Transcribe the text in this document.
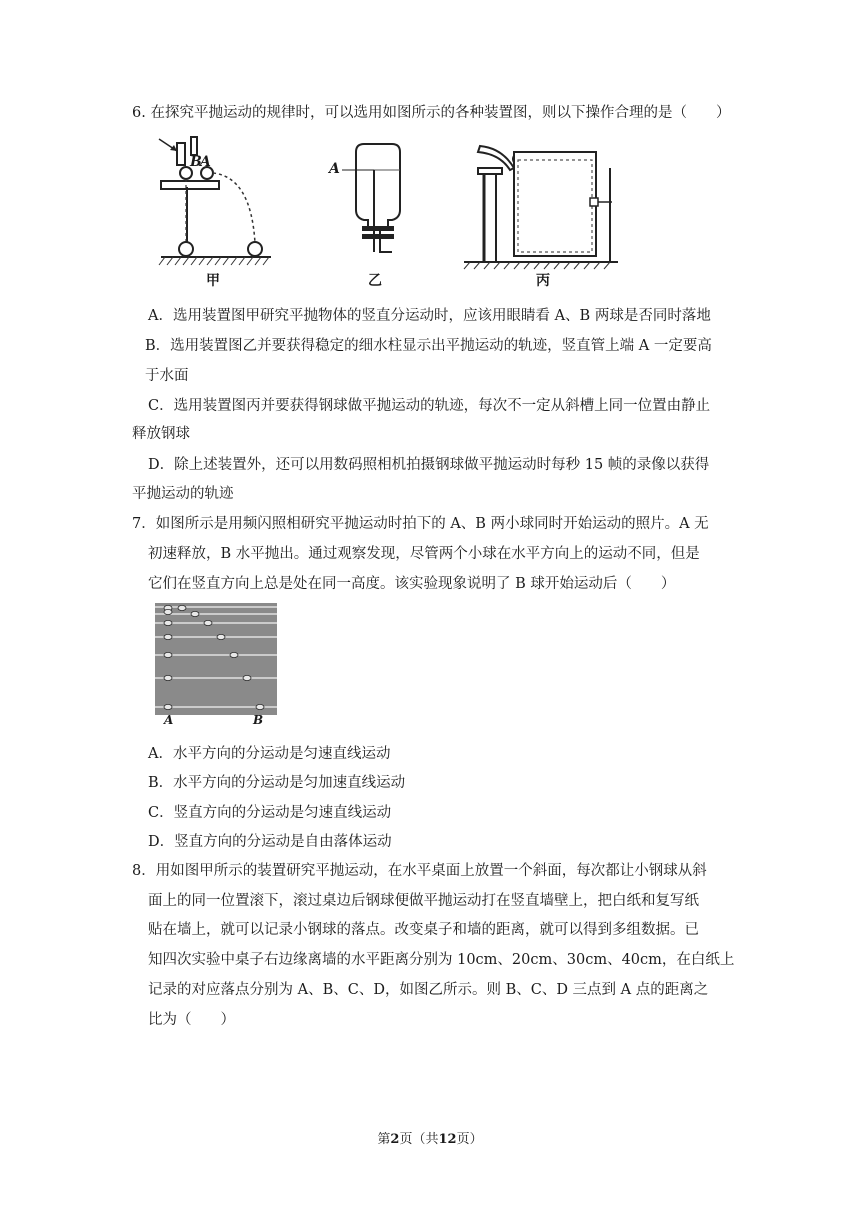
6. 在探究平抛运动的规律时，可以选用如图所示的各种装置图，则以下操作合理的是（　　）
B
A
甲
A
乙	丙
A．选用装置图甲研究平抛物体的竖直分运动时，应该用眼睛看 A、B 两球是否同时落地
B．选用装置图乙并要获得稳定的细水柱显示出平抛运动的轨迹，竖直管上端 A 一定要高
于水面
C．选用装置图丙并要获得钢球做平抛运动的轨迹，每次不一定从斜槽上同一位置由静止
释放钢球
D．除上述装置外，还可以用数码照相机拍摄钢球做平抛运动时每秒 15 帧的录像以获得
平抛运动的轨迹
7．如图所示是用频闪照相研究平抛运动时拍下的 A、B 两小球同时开始运动的照片。A 无
初速释放，B 水平抛出。通过观察发现，尽管两个小球在水平方向上的运动不同，但是
它们在竖直方向上总是处在同一高度。该实验现象说明了 B 球开始运动后（　　）
A	B
A．水平方向的分运动是匀速直线运动
B．水平方向的分运动是匀加速直线运动
C．竖直方向的分运动是匀速直线运动
D．竖直方向的分运动是自由落体运动
8．用如图甲所示的装置研究平抛运动，在水平桌面上放置一个斜面，每次都让小钢球从斜
面上的同一位置滚下，滚过桌边后钢球便做平抛运动打在竖直墙壁上，把白纸和复写纸
贴在墙上，就可以记录小钢球的落点。改变桌子和墙的距离，就可以得到多组数据。已
知四次实验中桌子右边缘离墙的水平距离分别为 10cm、20cm、30cm、40cm，在白纸上
记录的对应落点分别为 A、B、C、D，如图乙所示。则 B、C、D 三点到 A 点的距离之
比为（　　）
第2页（共12页）
